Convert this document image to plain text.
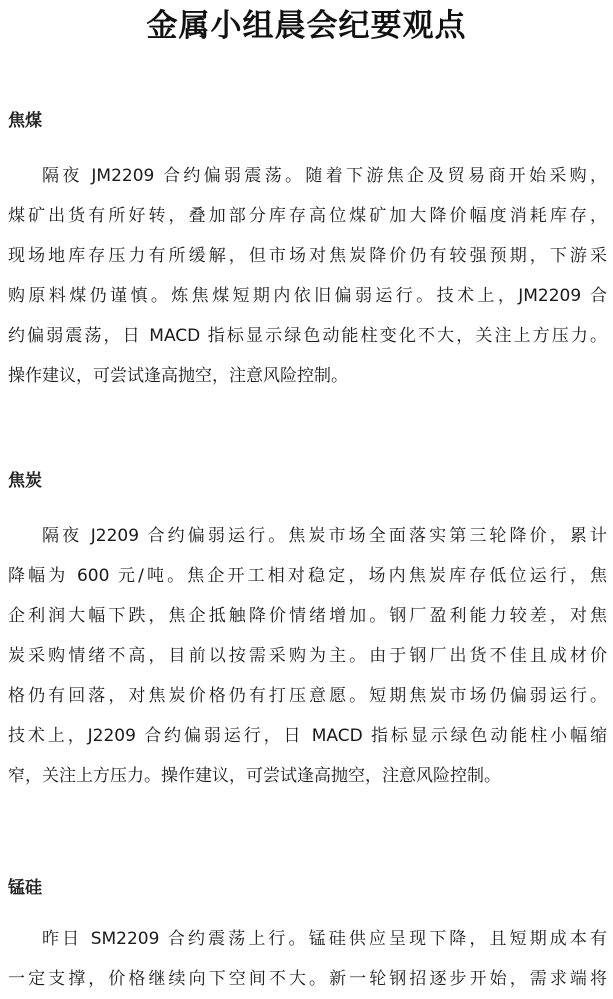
金属小组晨会纪要观点
焦煤
隔夜 JM2209 合约偏弱震荡。随着下游焦企及贸易商开始采购，
煤矿出货有所好转，叠加部分库存高位煤矿加大降价幅度消耗库存，
现场地库存压力有所缓解，但市场对焦炭降价仍有较强预期，下游采
购原料煤仍谨慎。炼焦煤短期内依旧偏弱运行。技术上，JM2209 合
约偏弱震荡，日 MACD 指标显示绿色动能柱变化不大，关注上方压力。
操作建议，可尝试逢高抛空，注意风险控制。
焦炭
隔夜 J2209 合约偏弱运行。焦炭市场全面落实第三轮降价，累计
降幅为 600 元/吨。焦企开工相对稳定，场内焦炭库存低位运行，焦
企利润大幅下跌，焦企抵触降价情绪增加。钢厂盈利能力较差，对焦
炭采购情绪不高，目前以按需采购为主。由于钢厂出货不佳且成材价
格仍有回落，对焦炭价格仍有打压意愿。短期焦炭市场仍偏弱运行。
技术上，J2209 合约偏弱运行，日 MACD 指标显示绿色动能柱小幅缩
窄，关注上方压力。操作建议，可尝试逢高抛空，注意风险控制。
锰硅
昨日 SM2209 合约震荡上行。锰硅供应呈现下降，且短期成本有
一定支撑，价格继续向下空间不大。新一轮钢招逐步开始，需求端将
